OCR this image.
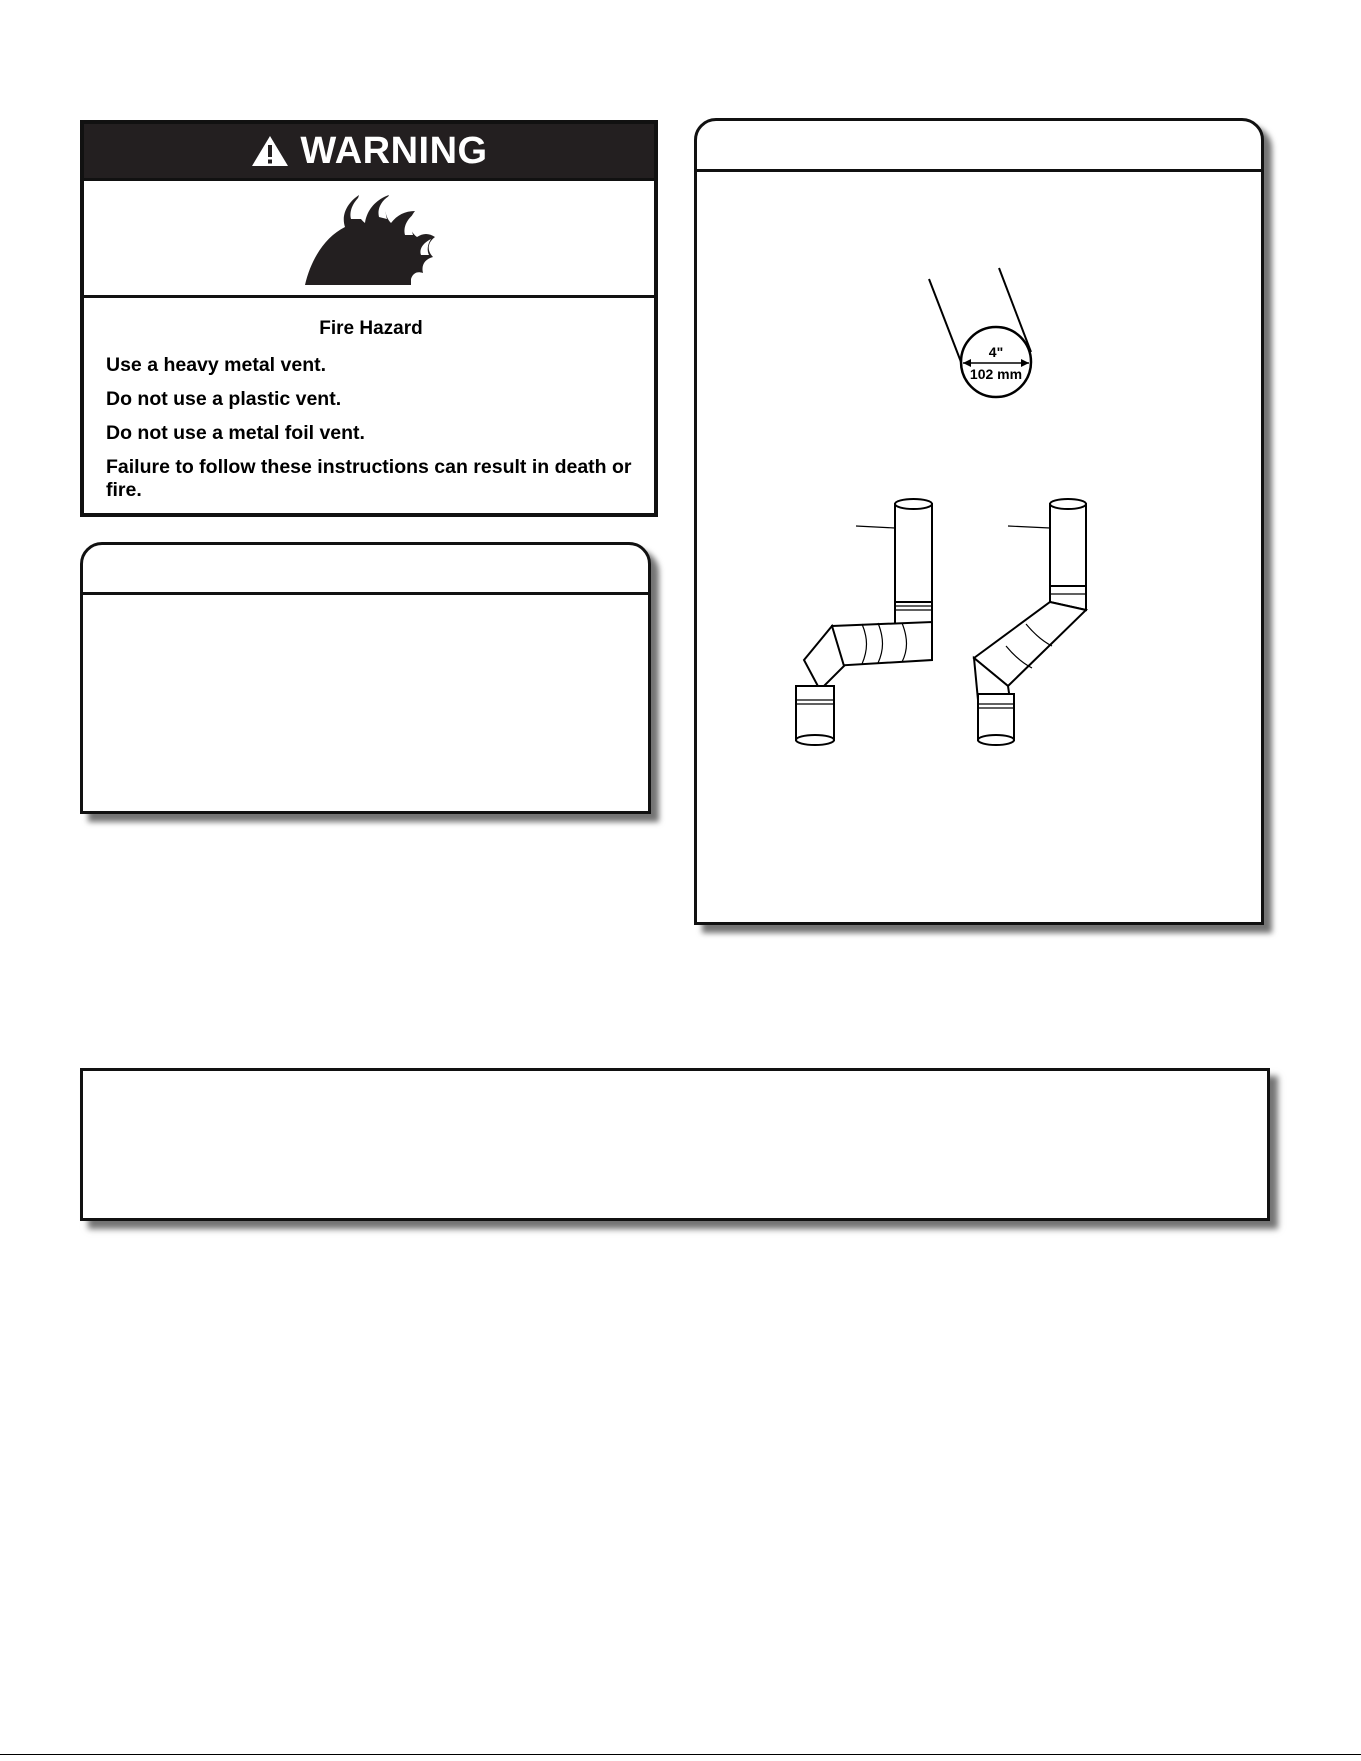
WARNING

Fire Hazard

Use a heavy metal vent.

Do not use a plastic vent.

Do not use a metal foil vent.

Failure to follow these instructions can result in death or fire.

4"
102 mm
